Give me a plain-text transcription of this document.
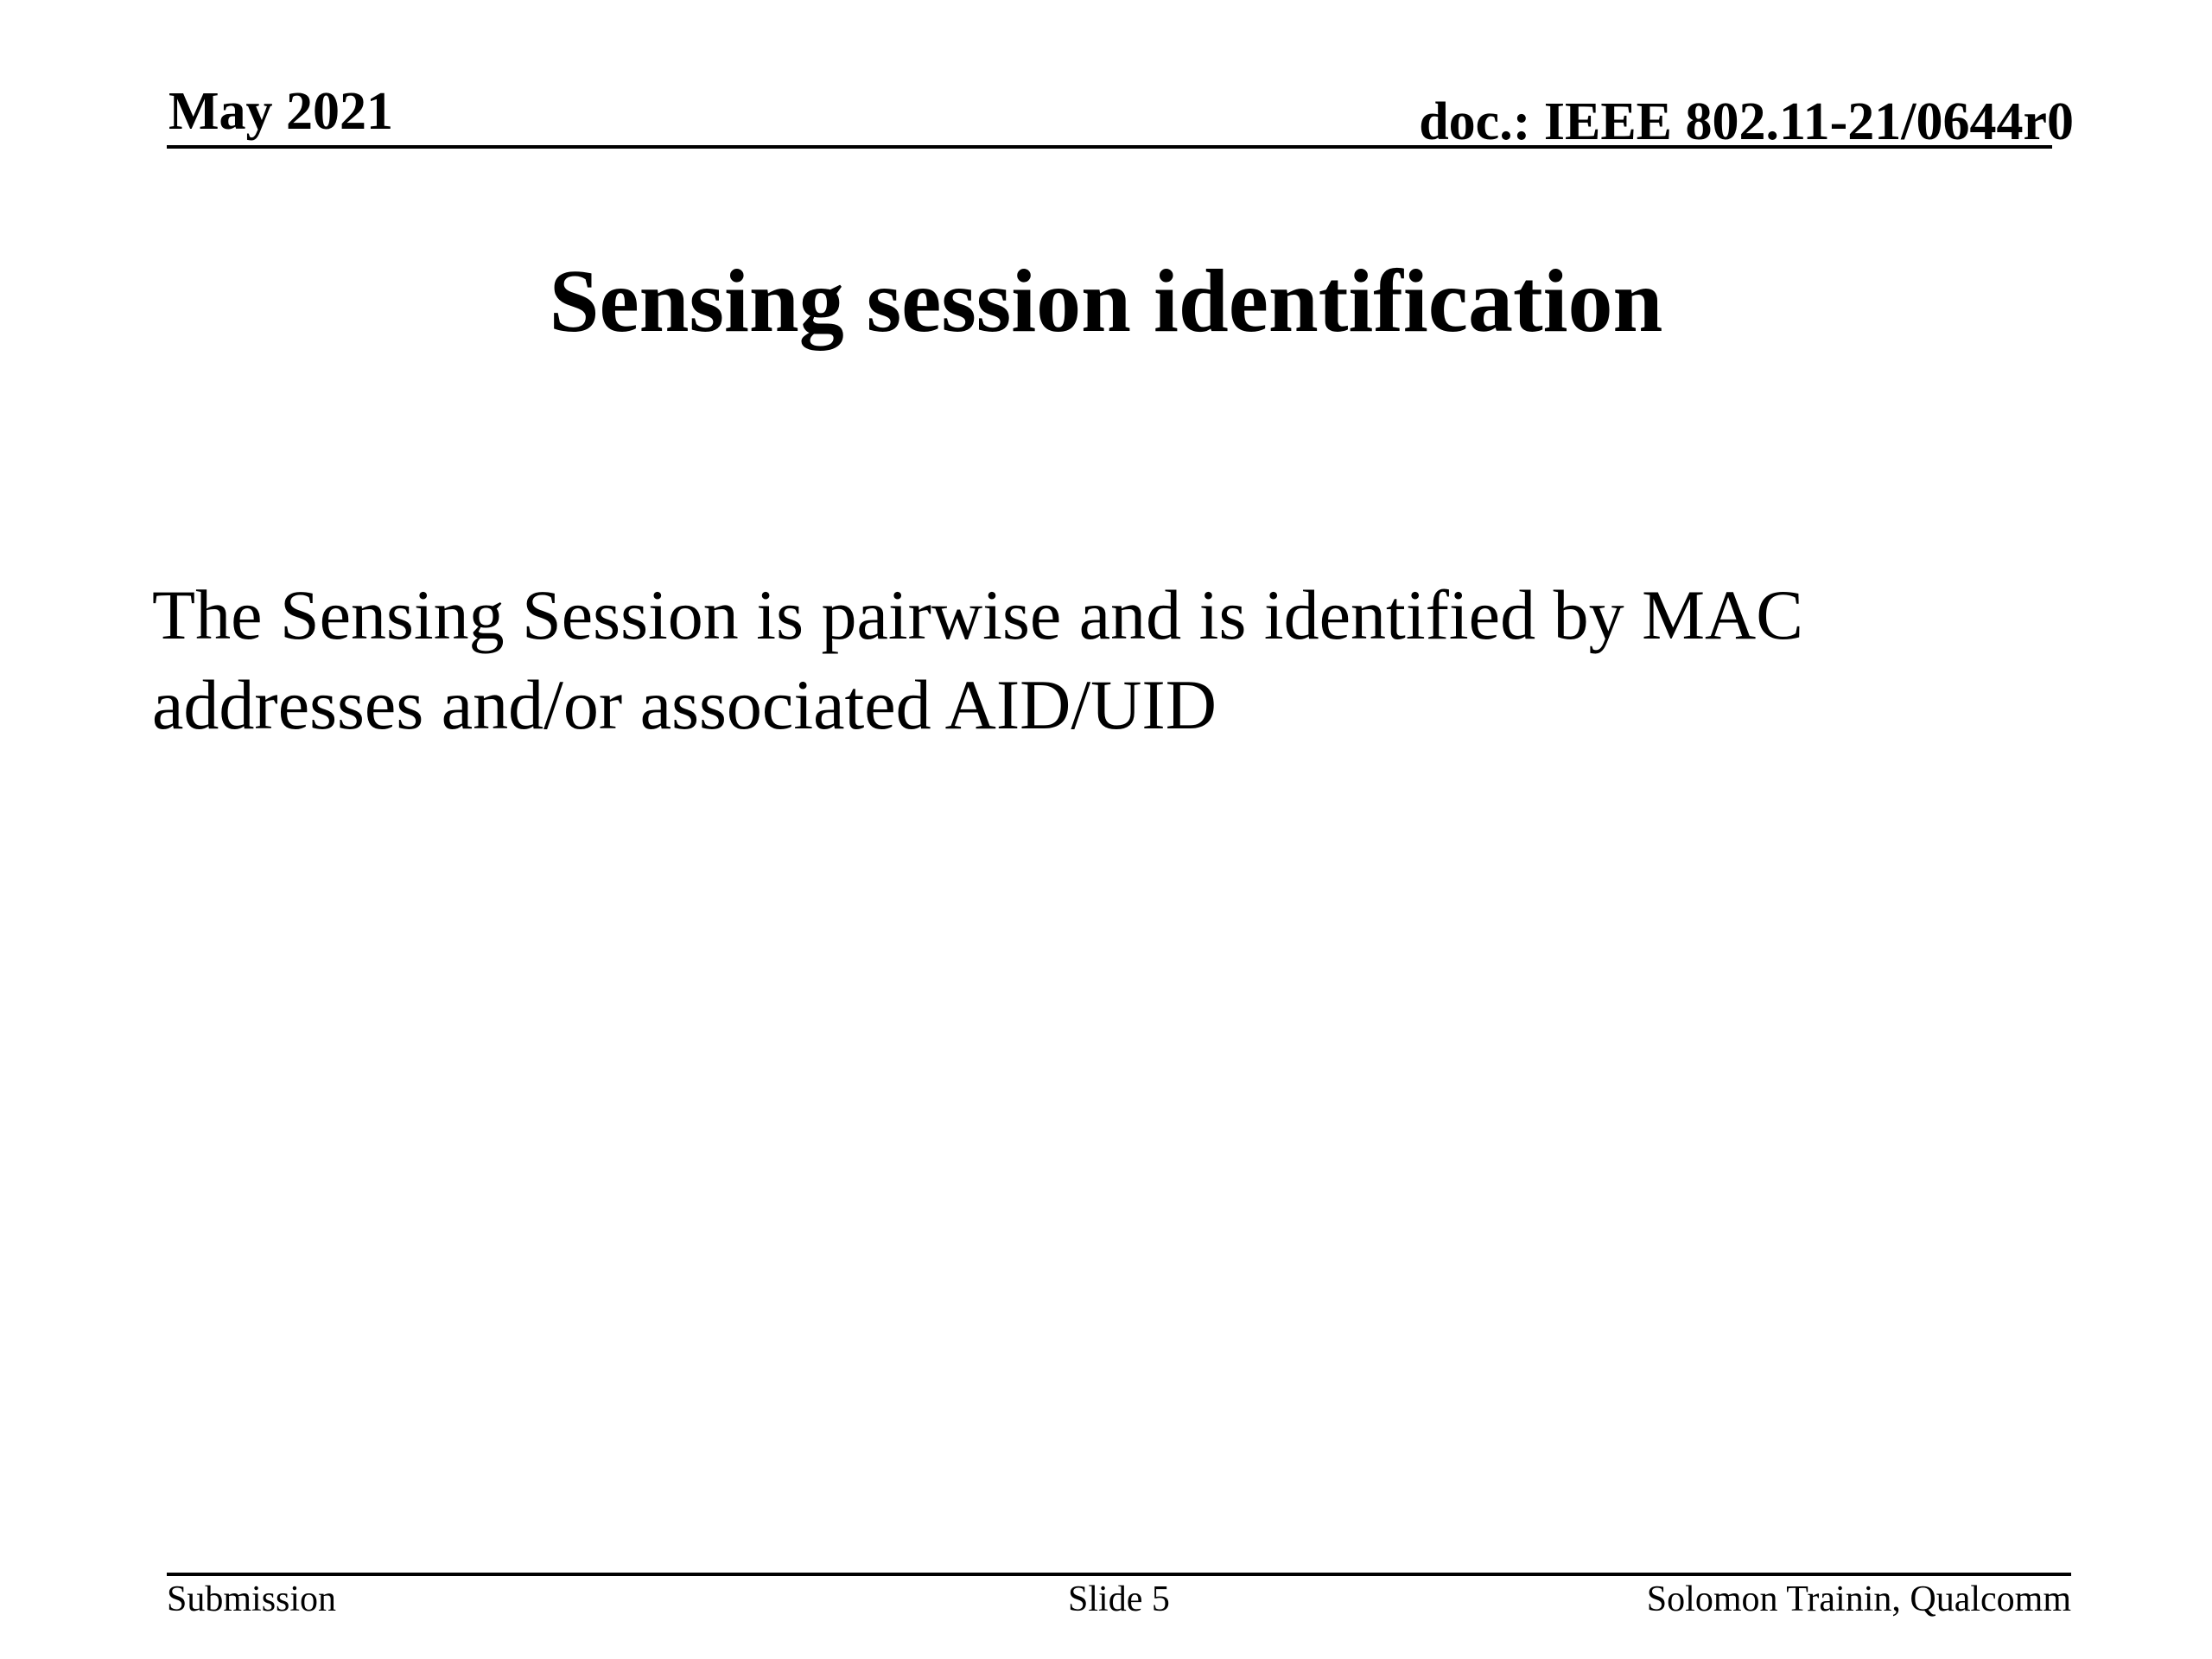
May 2021	doc.: IEEE 802.11-21/0644r0
Sensing session identification
The Sensing Session is pairwise and is identified by MAC addresses and/or associated AID/UID
Submission	Slide 5	Solomon Trainin, Qualcomm
